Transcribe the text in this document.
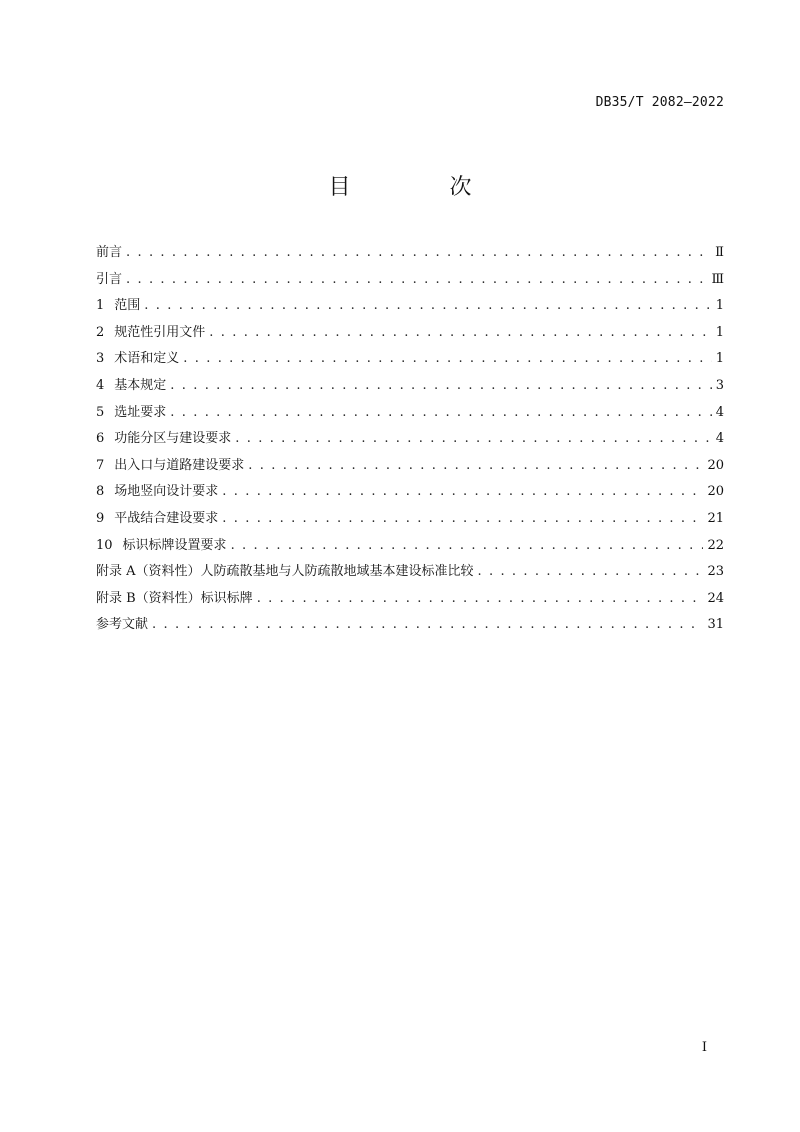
DB35/T 2082—2022
目 次
前言 . . .	Ⅱ
引言 . . .	Ⅲ
1 范围 . . .	1
2 规范性引用文件 . . .	1
3 术语和定义 . . .	1
4 基本规定 . . .	3
5 选址要求 . . .	4
6 功能分区与建设要求 . . .	4
7 出入口与道路建设要求 . . .	20
8 场地竖向设计要求 . . .	20
9 平战结合建设要求 . . .	21
10 标识标牌设置要求 . . .	22
附录 A（资料性）人防疏散基地与人防疏散地域基本建设标准比较 . . .	23
附录 B（资料性）标识标牌 . . .	24
参考文献 . . .	31
I
